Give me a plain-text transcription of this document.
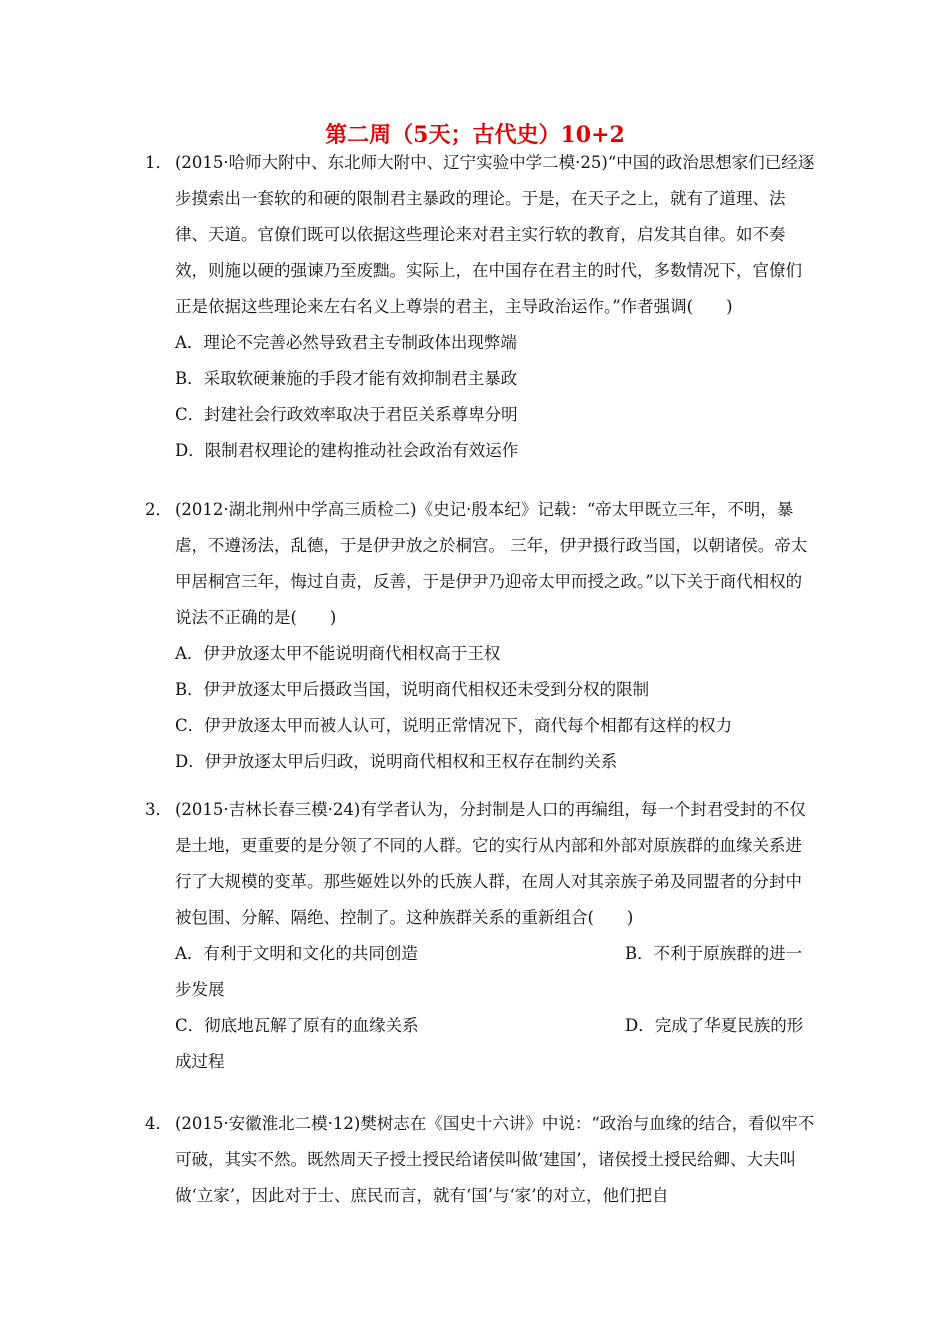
第二周（5天；古代史）10+2
1． (2015·哈师大附中、东北师大附中、辽宁实验中学二模·25)“中国的政治思想家们已经逐步摸索出一套软的和硬的限制君主暴政的理论。于是，在天子之上，就有了道理、法律、天道。官僚们既可以依据这些理论来对君主实行软的教育，启发其自律。如不奏效，则施以硬的强谏乃至废黜。实际上，在中国存在君主的时代，多数情况下，官僚们正是依据这些理论来左右名义上尊崇的君主，主导政治运作。”作者强调(　　)
A．理论不完善必然导致君主专制政体出现弊端
B．采取软硬兼施的手段才能有效抑制君主暴政
C．封建社会行政效率取决于君臣关系尊卑分明
D．限制君权理论的建构推动社会政治有效运作
2． (2012·湖北荆州中学高三质检二)《史记·殷本纪》记载：“帝太甲既立三年，不明，暴虐，不遵汤法，乱德，于是伊尹放之於桐宫。 三年，伊尹摄行政当国，以朝诸侯。帝太甲居桐宫三年，悔过自责，反善，于是伊尹乃迎帝太甲而授之政。”以下关于商代相权的说法不正确的是(　　)
A．伊尹放逐太甲不能说明商代相权高于王权
B．伊尹放逐太甲后摄政当国，说明商代相权还未受到分权的限制
C．伊尹放逐太甲而被人认可，说明正常情况下，商代每个相都有这样的权力
D．伊尹放逐太甲后归政，说明商代相权和王权存在制约关系
3． (2015·吉林长春三模·24)有学者认为，分封制是人口的再编组，每一个封君受封的不仅是土地，更重要的是分领了不同的人群。它的实行从内部和外部对原族群的血缘关系进行了大规模的变革。那些姬姓以外的氏族人群，在周人对其亲族子弟及同盟者的分封中被包围、分解、隔绝、控制了。这种族群关系的重新组合(　　)
A．有利于文明和文化的共同创造	B．不利于原族群的进一
步发展
C．彻底地瓦解了原有的血缘关系	D．完成了华夏民族的形
成过程
4． (2015·安徽淮北二模·12)樊树志在《国史十六讲》中说：“政治与血缘的结合，看似牢不可破，其实不然。既然周天子授土授民给诸侯叫做‘建国’，诸侯授土授民给卿、大夫叫做‘立家’，因此对于士、庶民而言，就有‘国’与‘家’的对立，他们把自
